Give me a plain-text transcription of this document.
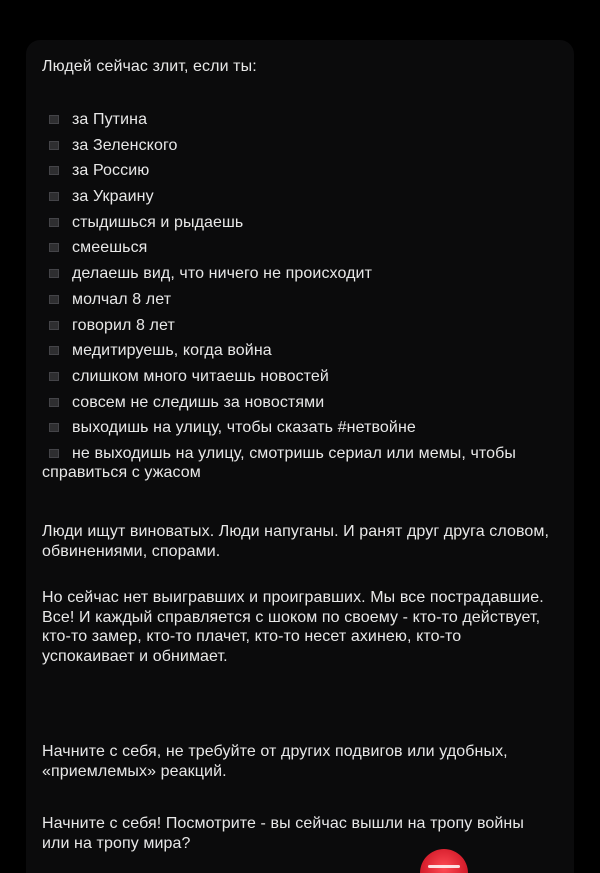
Людей сейчас злит, если ты:
за Путина
за Зеленского
за Россию
за Украину
стыдишься и рыдаешь
смеешься
делаешь вид, что ничего не происходит
молчал 8 лет
говорил 8 лет
медитируешь, когда война
слишком много читаешь новостей
совсем не следишь за новостями
выходишь на улицу, чтобы сказать #нетвойне
не выходишь на улицу, смотришь сериал или мемы, чтобы справиться с ужасом

Люди ищут виноватых. Люди напуганы. И ранят друг друга словом, обвинениями, спорами.

Но сейчас нет выигравших и проигравших. Мы все пострадавшие. Все! И каждый справляется с шоком по своему - кто-то действует, кто-то замер, кто-то плачет, кто-то несет ахинею, кто-то успокаивает и обнимает.

Начните с себя, не требуйте от других подвигов или удобных, «приемлемых» реакций.

Начните с себя! Посмотрите - вы сейчас вышли на тропу войны или на тропу мира?
